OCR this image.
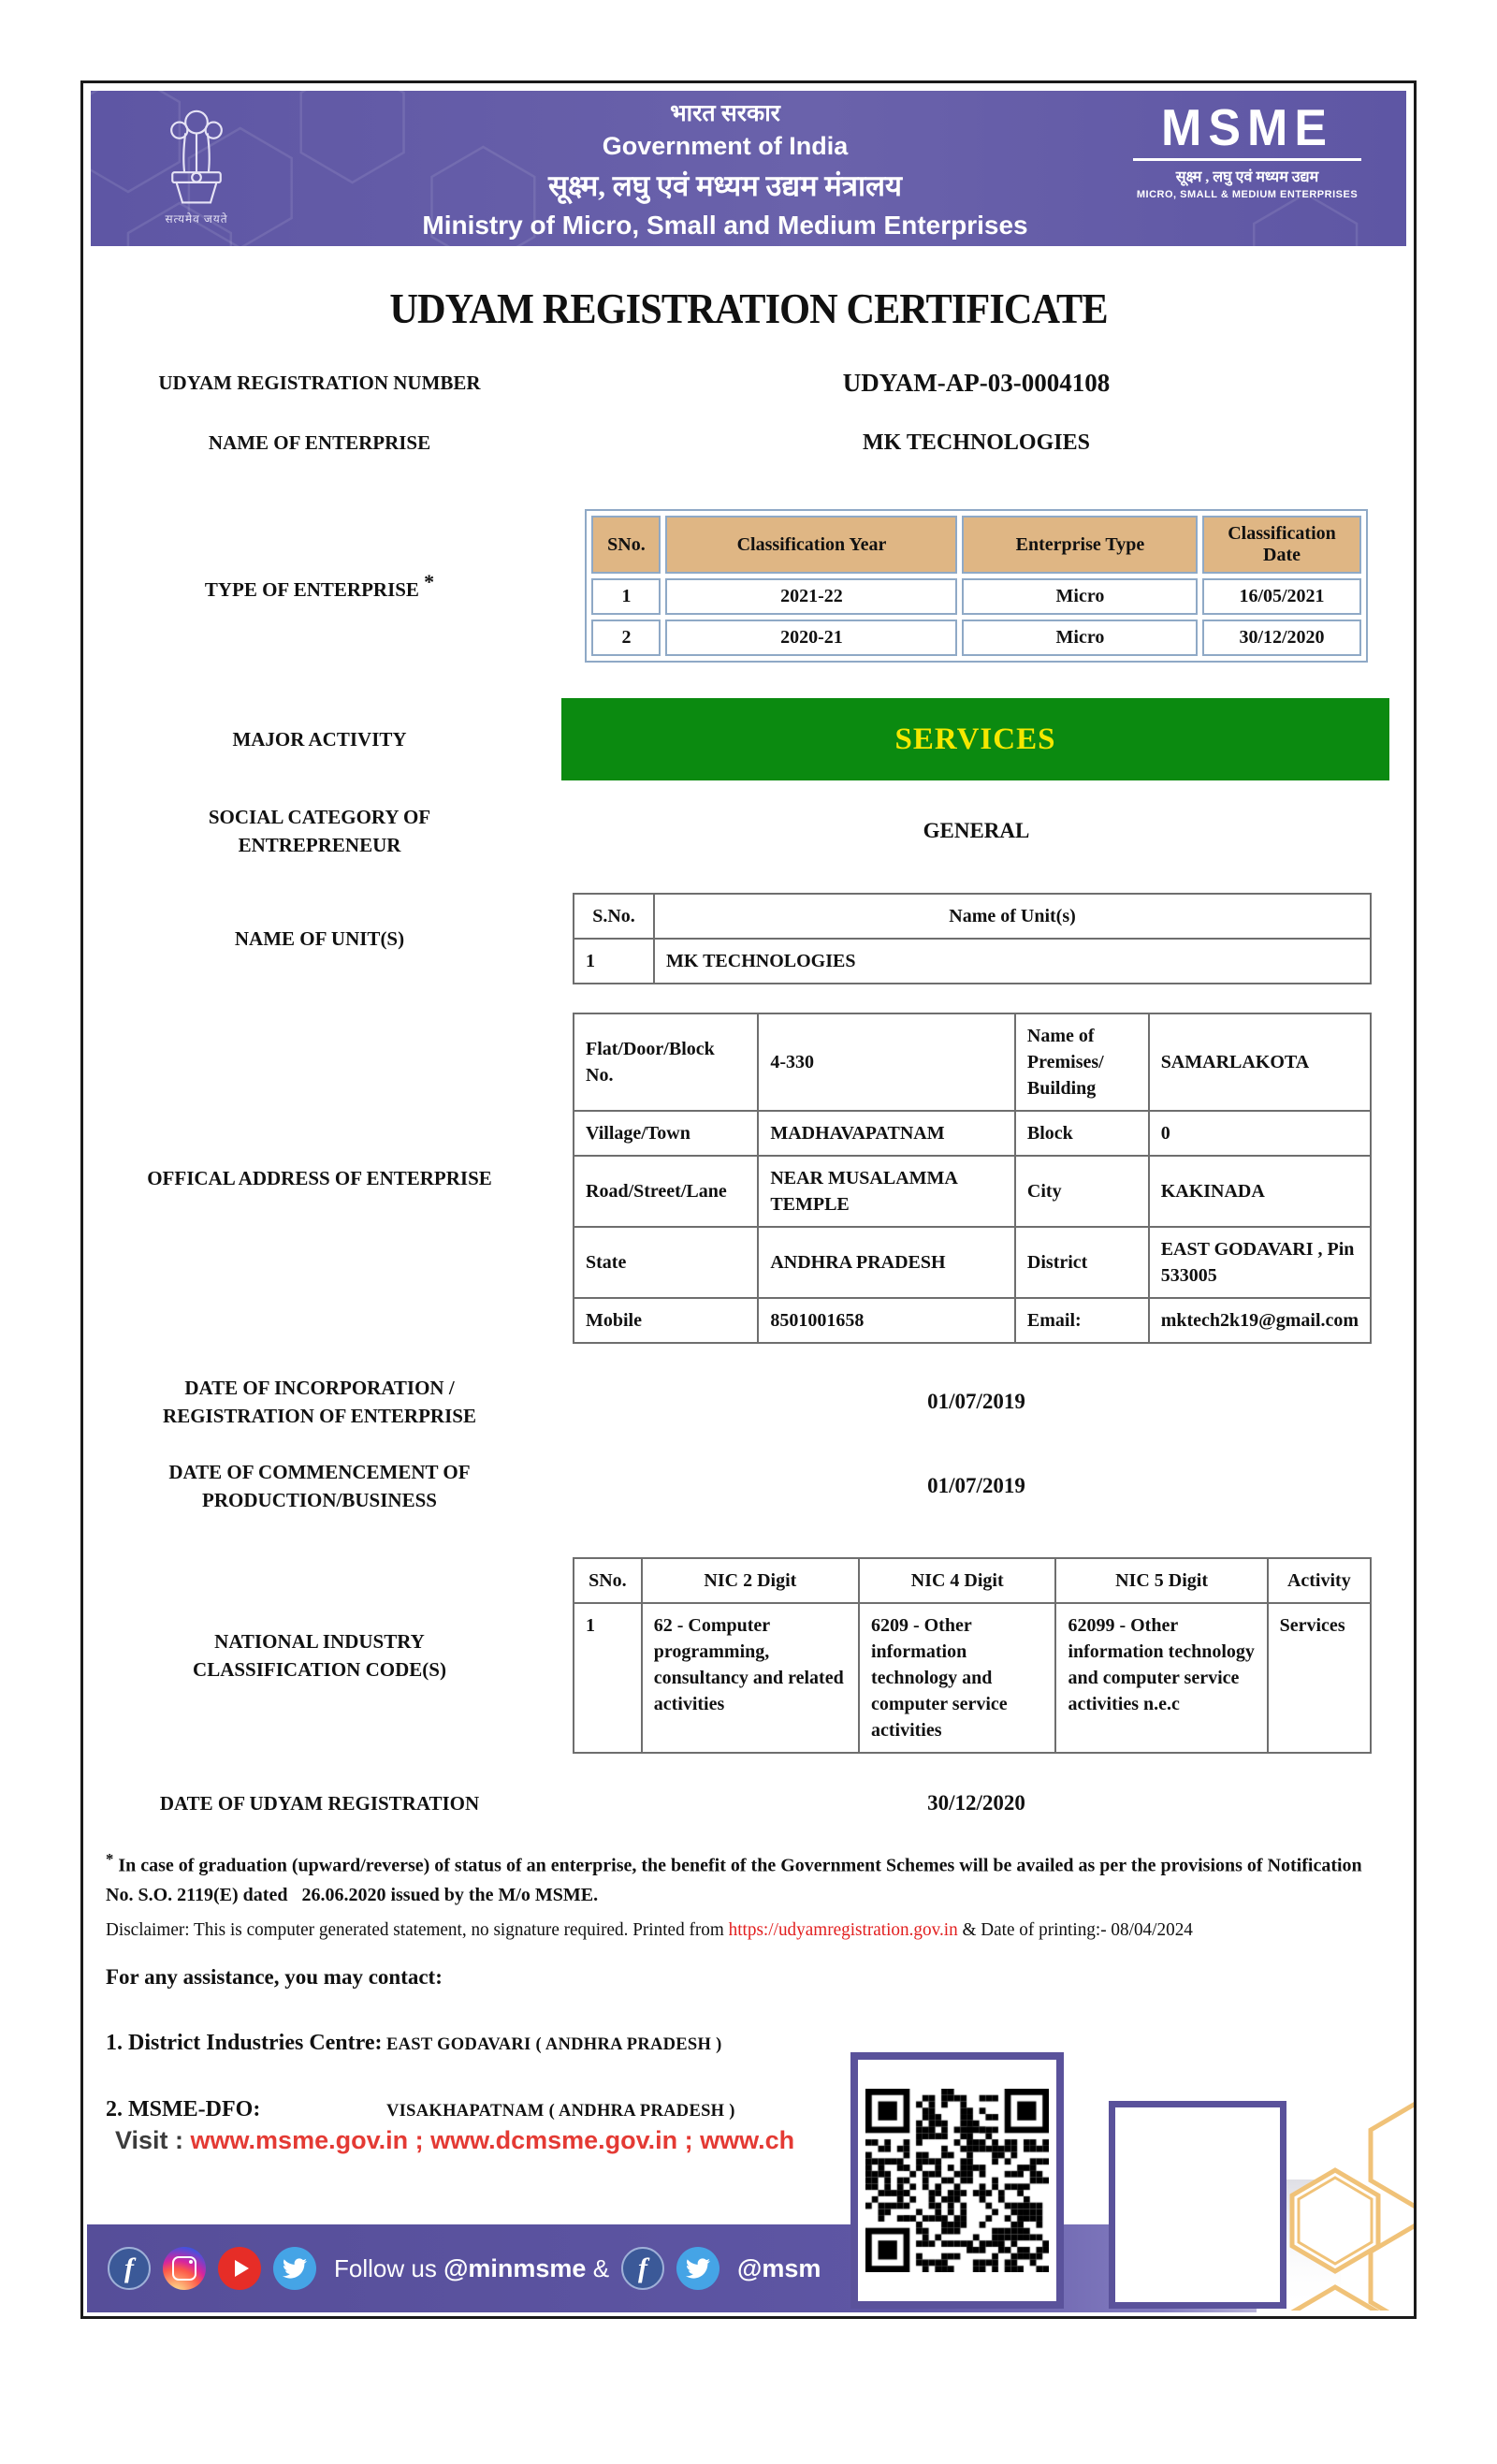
सत्यमेव जयते
भारत सरकार
Government of India
सूक्ष्म, लघु एवं मध्यम उद्यम मंत्रालय
Ministry of Micro, Small and Medium Enterprises
MSME
सूक्ष्म , लघु एवं मध्यम उद्यम
MICRO, SMALL & MEDIUM ENTERPRISES
UDYAM REGISTRATION CERTIFICATE
UDYAM REGISTRATION NUMBER	UDYAM-AP-03-0004108
NAME OF ENTERPRISE	MK TECHNOLOGIES
TYPE OF ENTERPRISE *
SNo.	Classification Year	Enterprise Type	Classification Date
1	2021-22	Micro	16/05/2021
2	2020-21	Micro	30/12/2020
MAJOR ACTIVITY	SERVICES
SOCIAL CATEGORY OF ENTREPRENEUR
GENERAL
NAME OF UNIT(S)
S.No.	Name of Unit(s)
1	MK TECHNOLOGIES
OFFICAL ADDRESS OF ENTERPRISE
Flat/Door/Block No.	4-330	Name of Premises/ Building	SAMARLAKOTA
Village/Town	MADHAVAPATNAM	Block	0
Road/Street/Lane	NEAR MUSALAMMA TEMPLE	City	KAKINADA
State	ANDHRA PRADESH	District	EAST GODAVARI , Pin 533005
Mobile	8501001658	Email:	mktech2k19@gmail.com
DATE OF INCORPORATION / REGISTRATION OF ENTERPRISE
01/07/2019
DATE OF COMMENCEMENT OF PRODUCTION/BUSINESS
01/07/2019
NATIONAL INDUSTRY CLASSIFICATION CODE(S)
SNo.	NIC 2 Digit	NIC 4 Digit	NIC 5 Digit	Activity
1	62 - Computer programming, consultancy and related activities	6209 - Other information technology and computer service activities	62099 - Other information technology and computer service activities n.e.c	Services
DATE OF UDYAM REGISTRATION	30/12/2020
* In case of graduation (upward/reverse) of status of an enterprise, the benefit of the Government Schemes will be availed as per the provisions of Notification No. S.O. 2119(E) dated   26.06.2020 issued by the M/o MSME.
Disclaimer: This is computer generated statement, no signature required. Printed from https://udyamregistration.gov.in & Date of printing:- 08/04/2024
For any assistance, you may contact:
1. District Industries Centre: EAST GODAVARI ( ANDHRA PRADESH )
2. MSME-DFO:	VISAKHAPATNAM ( ANDHRA PRADESH )
Visit : www.msme.gov.in ; www.dcmsme.gov.in ; www.ch
f	Follow us @minmsme & f	@msm
